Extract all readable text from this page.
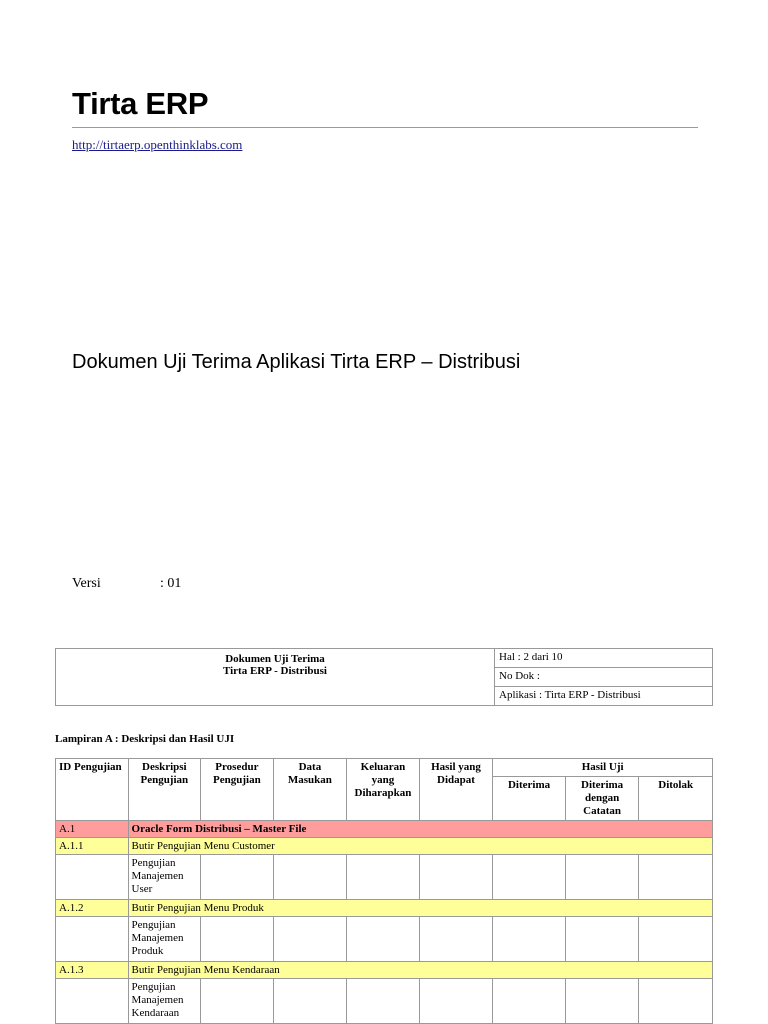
Tirta ERP
http://tirtaerp.openthinklabs.com
Dokumen Uji Terima Aplikasi Tirta ERP – Distribusi
Versi	: 01
Dokumen Uji Terima
Tirta ERP - Distribusi
	Hal : 2 dari 10
No Dok :
Aplikasi : Tirta ERP - Distribusi
Lampiran A : Deskripsi dan Hasil UJI
ID Pengujian	Deskripsi Pengujian	Prosedur Pengujian	Data Masukan	Keluaran yang Diharapkan	Hasil yang Didapat	Hasil Uji		
						Diterima	Diterima dengan Catatan	Ditolak
A.1	Oracle Form Distribusi – Master File							
A.1.1	Butir Pengujian Menu Customer							
	Pengujian Manajemen User							
A.1.2	Butir Pengujian Menu Produk							
	Pengujian Manajemen Produk							
A.1.3	Butir Pengujian Menu Kendaraan							
	Pengujian Manajemen Kendaraan							
